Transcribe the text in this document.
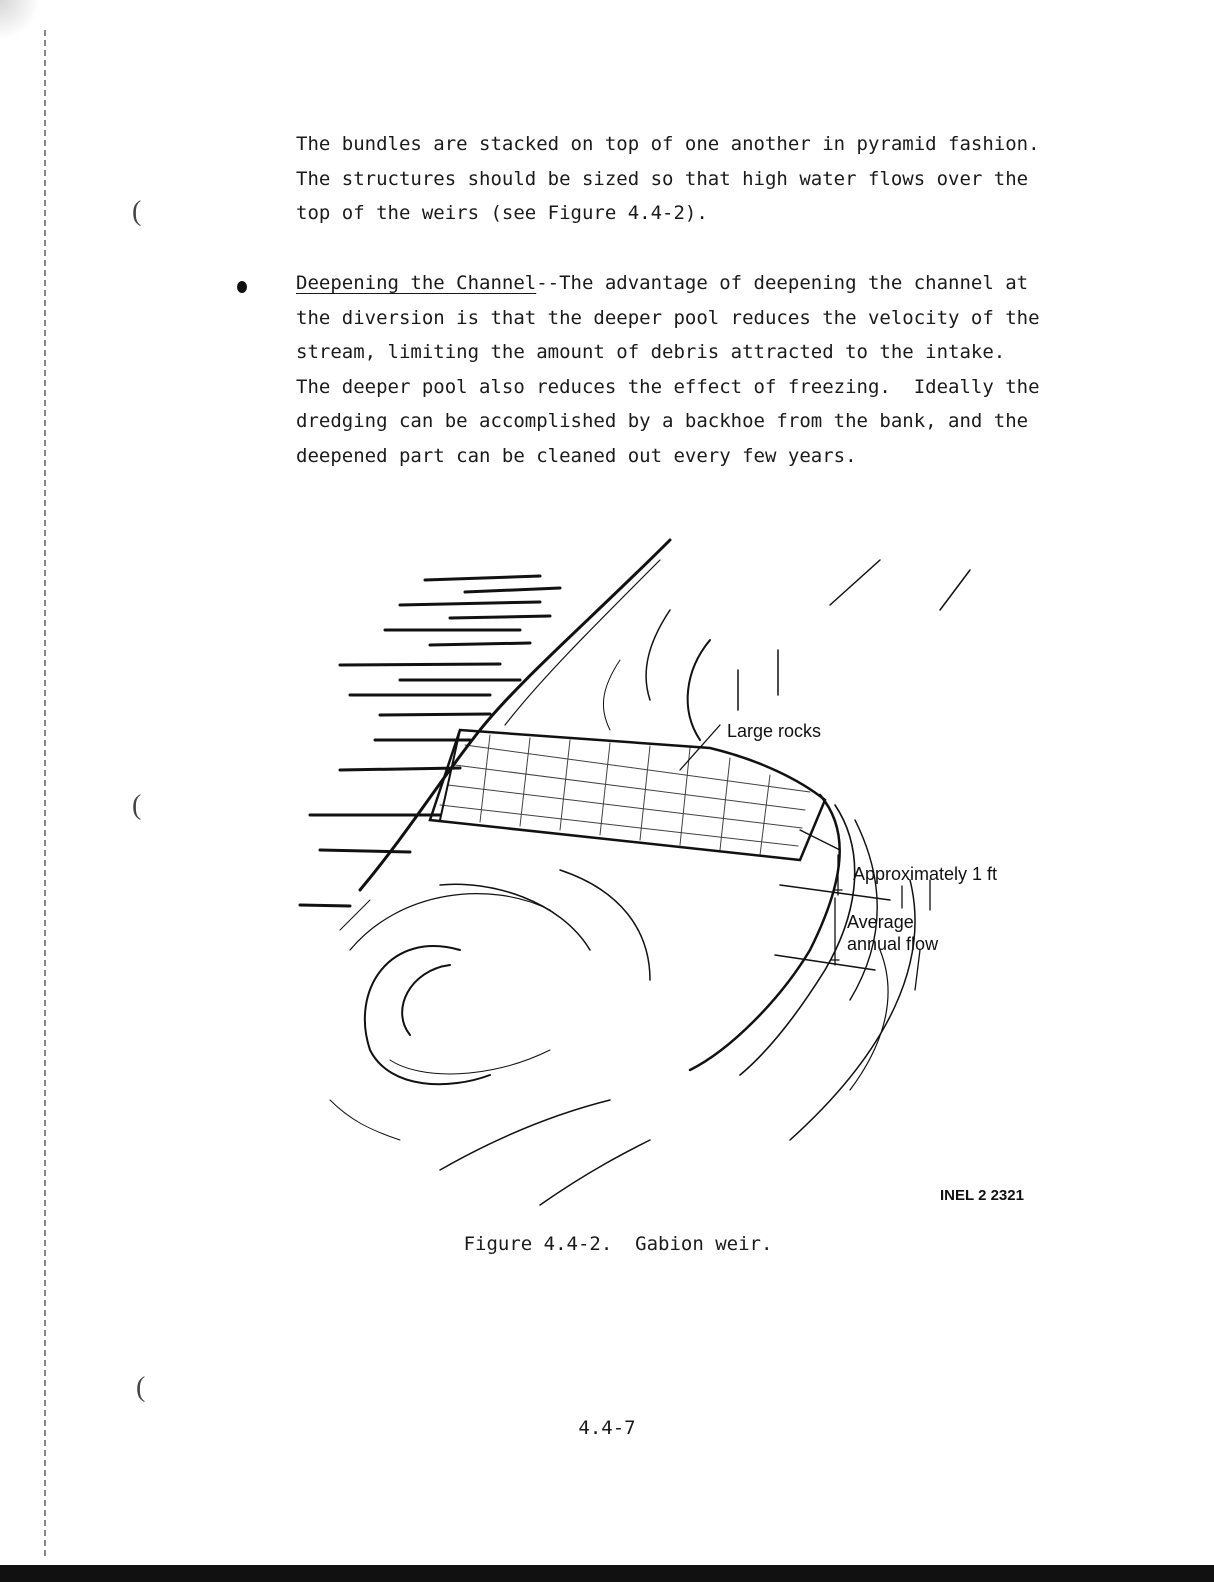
(
(
(
The bundles are stacked on top of one another in pyramid fashion.
The structures should be sized so that high water flows over the
top of the weirs (see Figure 4.4-2).
Deepening the Channel--The advantage of deepening the channel at
the diversion is that the deeper pool reduces the velocity of the
stream, limiting the amount of debris attracted to the intake.
The deeper pool also reduces the effect of freezing.  Ideally the
dredging can be accomplished by a backhoe from the bank, and the
deepened part can be cleaned out every few years.
Large rocks
Approximately 1 ft
Average
annual flow
INEL 2 2321
Figure 4.4-2.  Gabion weir.
4.4-7
